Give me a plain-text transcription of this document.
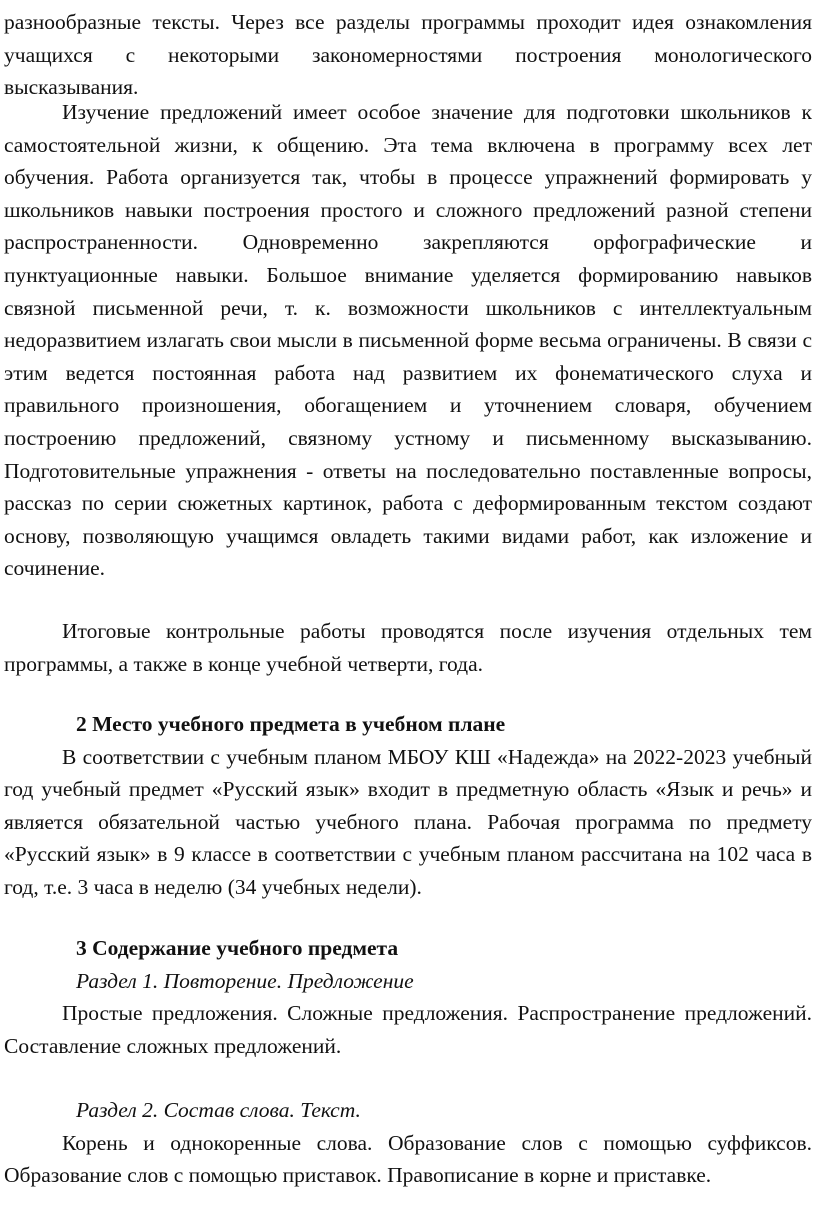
разнообразные тексты. Через все разделы программы проходит идея ознакомления учащихся с некоторыми закономерностями построения монологического высказывания.

Изучение предложений имеет особое значение для подготовки школьников к самостоятельной жизни, к общению. Эта тема включена в программу всех лет обучения. Работа организуется так, чтобы в процессе упражнений формировать у школьников навыки построения простого и сложного предложений разной степени распространенности. Одновременно закрепляются орфографические и пунктуационные навыки. Большое внимание уделяется формированию навыков связной письменной речи, т. к. возможности школьников с интеллектуальным недоразвитием излагать свои мысли в письменной форме весьма ограничены. В связи с этим ведется постоянная работа над развитием их фонематического слуха и правильного произношения, обогащением и уточнением словаря, обучением построению предложений, связному устному и письменному высказыванию. Подготовительные упражнения - ответы на последовательно поставленные вопросы, рассказ по серии сюжетных картинок, работа с деформированным текстом создают основу, позволяющую учащимся овладеть такими видами работ, как изложение и сочинение.

Итоговые контрольные работы проводятся после изучения отдельных тем программы, а также в конце учебной четверти, года.

2 Место учебного предмета в учебном плане

В соответствии с учебным планом МБОУ КШ «Надежда» на 2022-2023 учебный год учебный предмет «Русский язык» входит в предметную область «Язык и речь» и является обязательной частью учебного плана. Рабочая программа по предмету «Русский язык» в 9 классе в соответствии с учебным планом рассчитана на 102 часа в год, т.е. 3 часа в неделю (34 учебных недели).

3 Содержание учебного предмета

Раздел 1. Повторение. Предложение

Простые предложения. Сложные предложения. Распространение предложений. Составление сложных предложений.

Раздел 2. Состав слова. Текст.

Корень и однокоренные слова. Образование слов с помощью суффиксов. Образование слов с помощью приставок. Правописание в корне и приставке.
